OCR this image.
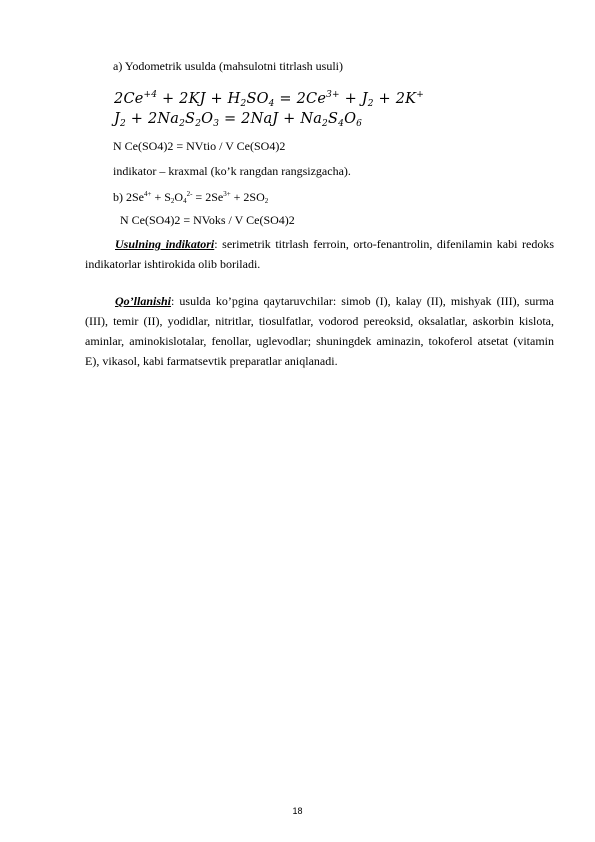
a) Yodometrik usulda (mahsulotni titrlash usuli)
$2Ce^{+4} + 2KJ + H_2SO_4 = 2Ce^{3+} + J_2 + 2K^+$
$J_2 + 2Na_2S_2O_3 = 2NaJ + Na_2S_4O_6$
N Ce(SO4)2 = NVtio / V Ce(SO4)2
indikator – kraxmal (ko’k rangdan rangsizgacha).
b) $2Se^{4+} + S2O4^{2-} = 2Se^{3+} + 2SO2$
N Ce(SO4)2 = NVoks / V Ce(SO4)2
Usulning indikatori: serimetrik titrlash ferroin, orto-fenantrolin, difenilamin kabi redoks indikatorlar ishtirokida olib boriladi.
Qo’llanishi: usulda ko’pgina qaytaruvchilar: simob (I), kalay (II), mishyak (III), surma (III), temir (II), yodidlar, nitritlar, tiosulfatlar, vodorod pereoksid, oksalatlar, askorbin kislota, aminlar, aminokislotalar, fenollar, uglevodlar; shuningdek aminazin, tokoferol atsetat (vitamin E), vikasol, kabi farmatsevtik preparatlar aniqlanadi.
18
